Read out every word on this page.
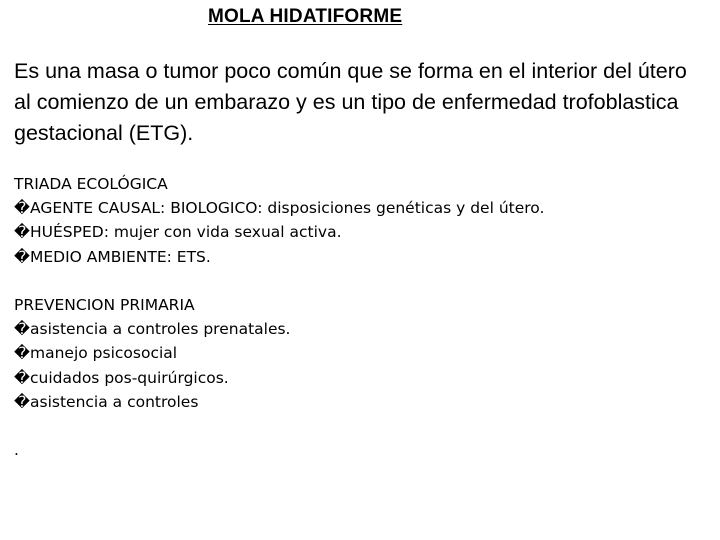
MOLA HIDATIFORME
Es una masa o tumor poco común que se forma en el interior del útero
al comienzo de un embarazo y es un tipo de enfermedad trofoblastica
gestacional (ETG).
TRIADA ECOLÓGICA
�AGENTE CAUSAL: BIOLOGICO: disposiciones genéticas y del útero.
�HUÉSPED: mujer con vida sexual activa.
�MEDIO AMBIENTE: ETS.
PREVENCION PRIMARIA
�asistencia a controles prenatales.
�manejo psicosocial
�cuidados pos-quirúrgicos.
�asistencia a controles
.
